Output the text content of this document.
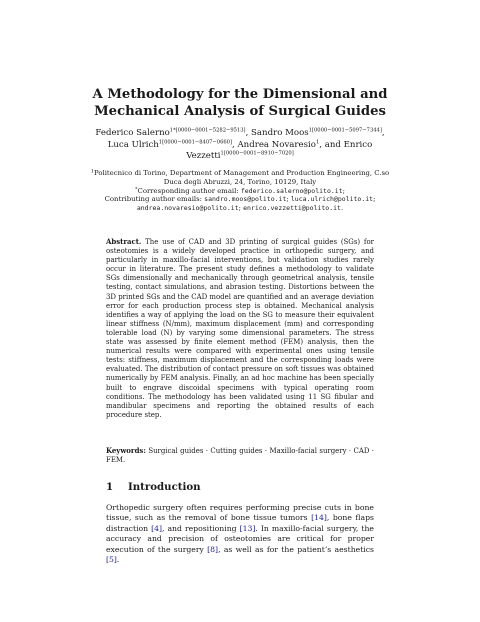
A Methodology for the Dimensional and
Mechanical Analysis of Surgical Guides
Federico Salerno$^{1*[0000-0001-5282-9513]}$, Sandro Moos$^{1[0000-0001-5097-7344]}$,
Luca Ulrich$^{1[0000-0001-8407-0660]}$, Andrea Novaresio$^1$, and Enrico
Vezzetti$^{1[0000-0001-8910-7020]}$
$^1$Politecnico di Torino, Department of Management and Production Engineering, C.so
Duca degli Abruzzi, 24, Torino, 10129, Italy
*Corresponding author email: federico.salerno@polito.it;
Contributing author emails: sandro.moos@polito.it; luca.ulrich@polito.it;
andrea.novaresio@polito.it; enrico.vezzetti@polito.it.
Abstract. The use of CAD and 3D printing of surgical guides (SGs) for osteotomies is a widely developed practice in orthopedic surgery, and particularly in maxillo-facial interventions, but validation studies rarely occur in literature. The present study defines a methodology to validate SGs dimensionally and mechanically through geometrical analysis, tensile testing, contact simulations, and abrasion testing. Distortions between the 3D printed SGs and the CAD model are quantified and an average deviation error for each production process step is obtained. Mechanical analysis identifies a way of applying the load on the SG to measure their equivalent linear stiffness (N/mm), maximum displacement (mm) and corresponding tolerable load (N) by varying some dimensional parameters. The stress state was assessed by finite element method (FEM) analysis, then the numerical results were compared with experimental ones using tensile tests: stiffness, maximum displacement and the corresponding loads were evaluated. The distribution of contact pressure on soft tissues was obtained numerically by FEM analysis. Finally, an ad hoc machine has been specially built to engrave discoidal specimens with typical operating room conditions. The methodology has been validated using 11 SG fibular and mandibular specimens and reporting the obtained results of each procedure step.
Keywords: Surgical guides · Cutting guides · Maxillo-facial surgery · CAD · FEM.
1 Introduction
Orthopedic surgery often requires performing precise cuts in bone tissue, such as the removal of bone tissue tumors [14], bone flaps distraction [4], and repositioning [13]. In maxillo-facial surgery, the accuracy and precision of osteotomies are critical for proper execution of the surgery [8], as well as for the patient’s aesthetics [5].
